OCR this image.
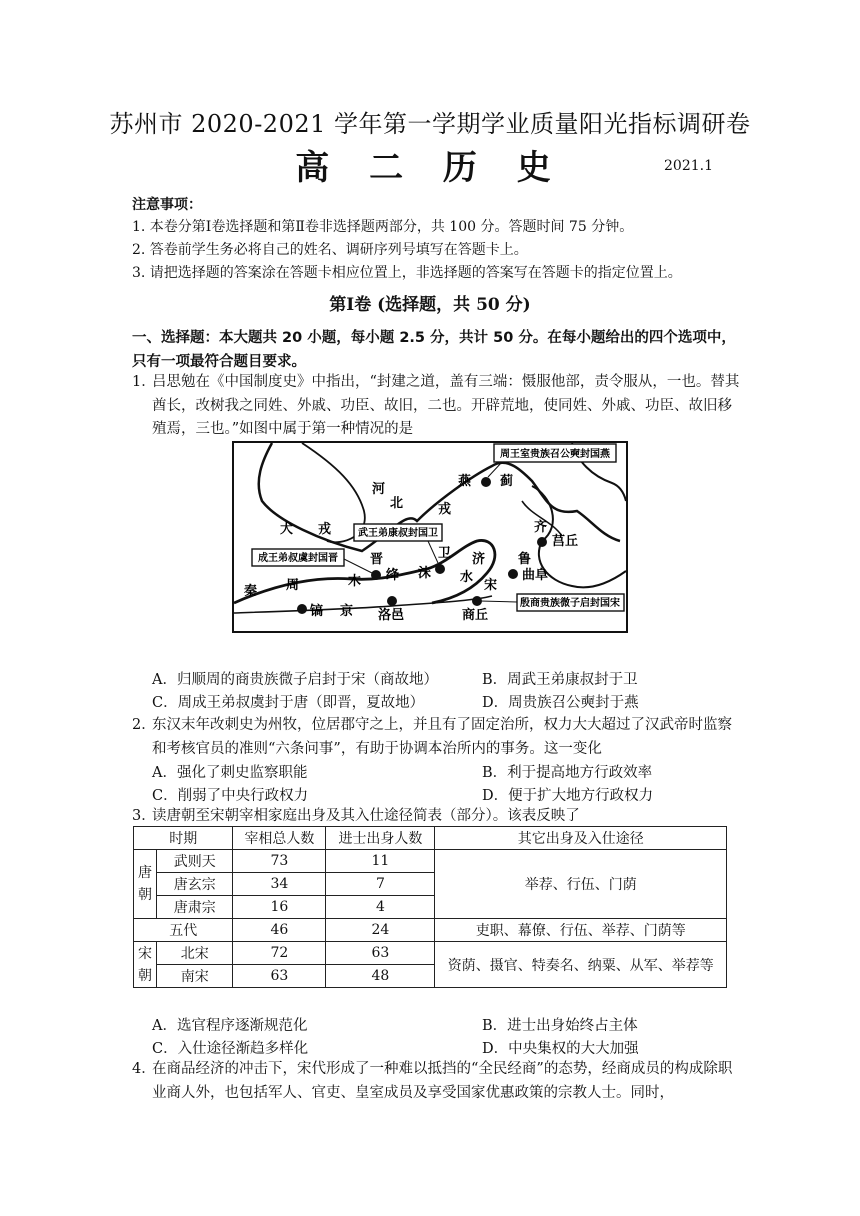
苏州市 2020-2021 学年第一学期学业质量阳光指标调研卷
高 二 历 史	2021.1
注意事项：
1. 本卷分第Ⅰ卷选择题和第Ⅱ卷非选择题两部分，共 100 分。答题时间 75 分钟。
2. 答卷前学生务必将自己的姓名、调研序列号填写在答题卡上。
3. 请把选择题的答案涂在答题卡相应位置上，非选择题的答案写在答题卡的指定位置上。
第Ⅰ卷 (选择题，共 50 分)
一、选择题：本大题共 20 小题，每小题 2.5 分，共计 50 分。在每小题给出的四个选项中，只有一项最符合题目要求。
1．
吕思勉在《中国制度史》中指出，“封建之道，盖有三端：慑服他部，责令服从，一也。替其酋长，改树我之同姓、外戚、功臣、故旧，二也。开辟荒地，使同姓、外戚、功臣、故旧移殖焉，三也。”如图中属于第一种情况的是
周王室贵族召公奭封国燕
武王弟康叔封国卫
成王弟叔虞封国晋
殷商贵族微子启封国宋
河
北	戎
犬 戎
燕 蓟
齐
莒丘
鲁
曲阜
晋
绛
卫
沫
济
水
宋
商丘
秦 周	木
镐 京 洛邑
A．归顺周的商贵族微子启封于宋（商故地）	B．周武王弟康叔封于卫
C．周成王弟叔虞封于唐（即晋，夏故地）	D．周贵族召公奭封于燕
2．
东汉末年改刺史为州牧，位居郡守之上，并且有了固定治所，权力大大超过了汉武帝时监察和考核官员的准则“六条问事”，有助于协调本治所内的事务。这一变化
A．强化了刺史监察职能	B．利于提高地方行政效率
C．削弱了中央行政权力	D．便于扩大地方行政权力
3．
读唐朝至宋朝宰相家庭出身及其入仕途径简表（部分）。该表反映了
时期		宰相总人数	进士出身人数	其它出身及入仕途径
唐朝	武则天	73	11	举荐、行伍、门荫
	唐玄宗	34	7	
	唐肃宗	16	4	
五代		46	24	吏职、幕僚、行伍、举荐、门荫等
宋朝	北宋	72	63	资荫、摄官、特奏名、纳粟、从军、举荐等
	南宋	63	48	
A．选官程序逐渐规范化	B．进士出身始终占主体
C．入仕途径渐趋多样化	D．中央集权的大大加强
4．
在商品经济的冲击下，宋代形成了一种难以抵挡的“全民经商”的态势，经商成员的构成除职业商人外，也包括军人、官吏、皇室成员及享受国家优惠政策的宗教人士。同时，
